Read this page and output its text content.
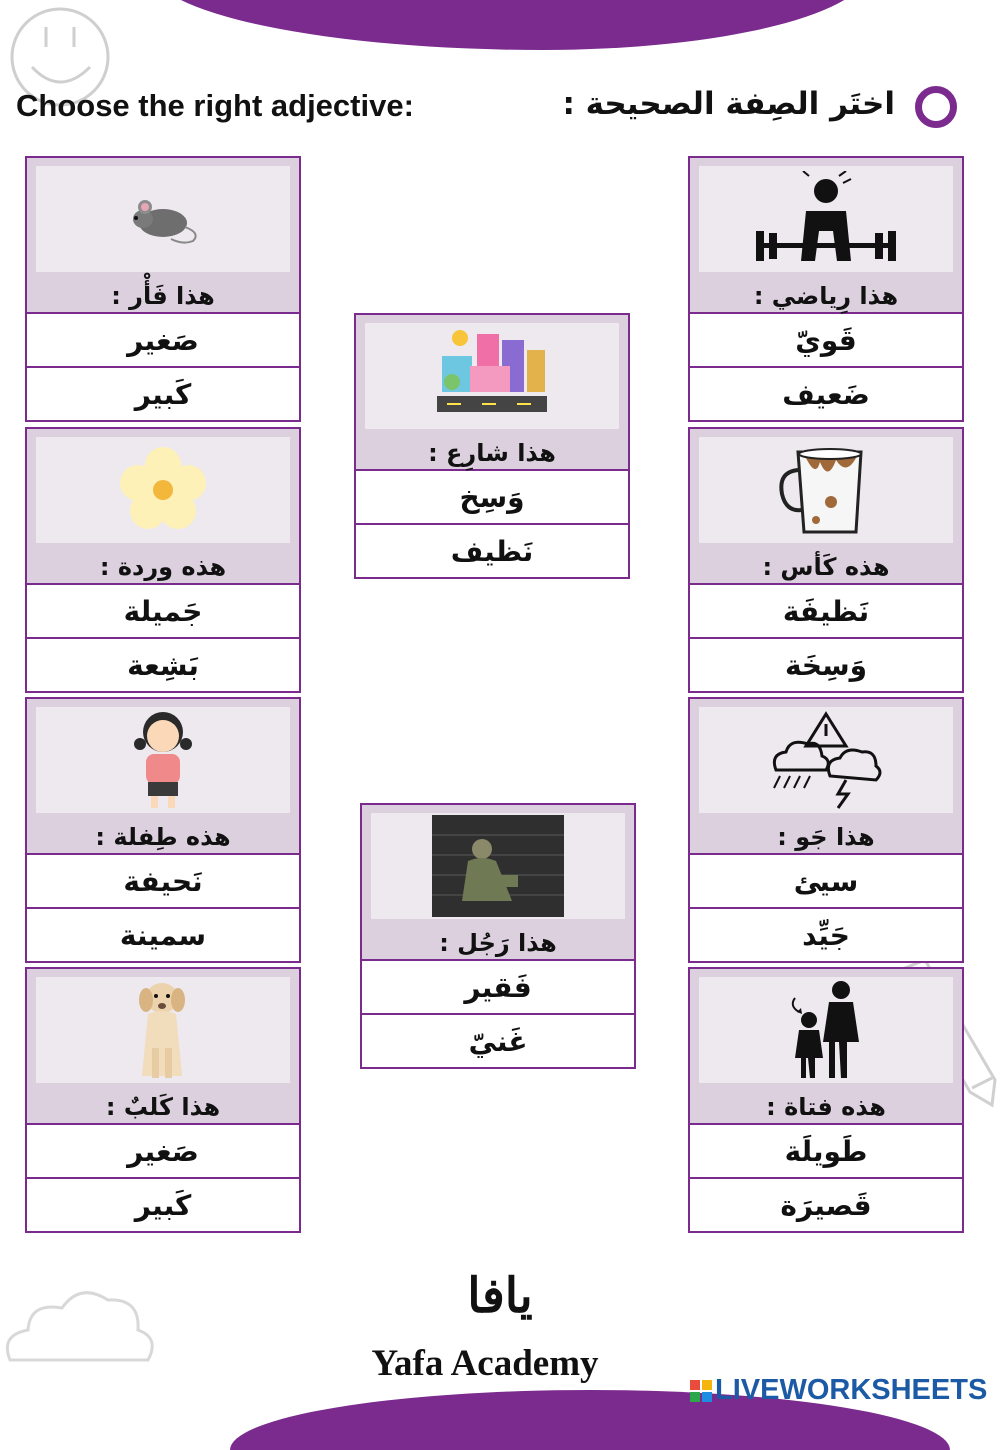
Choose the right adjective:	اختَر الصِفة الصحيحة :
هذا فَأْر :
صَغير
كَبير
هذا رِياضي :
قَويّ
ضَعيف
هذا شارِع :
وَسِخ
نَظيف
هذه وردة :
جَميلة
بَشِعة
هذه كَأس :
نَظيفَة
وَسِخَة
هذه طِفلة :
نَحيفة
سمينة
هذا جَو :
سيئ
جَيِّد
هذا رَجُل :
فَقير
غَنيّ
هذا كَلبٌ :
صَغير
كَبير
هذه فتاة :
طَويلَة
قَصيرَة
يافا
Yafa Academy
LIVEWORKSHEETS
